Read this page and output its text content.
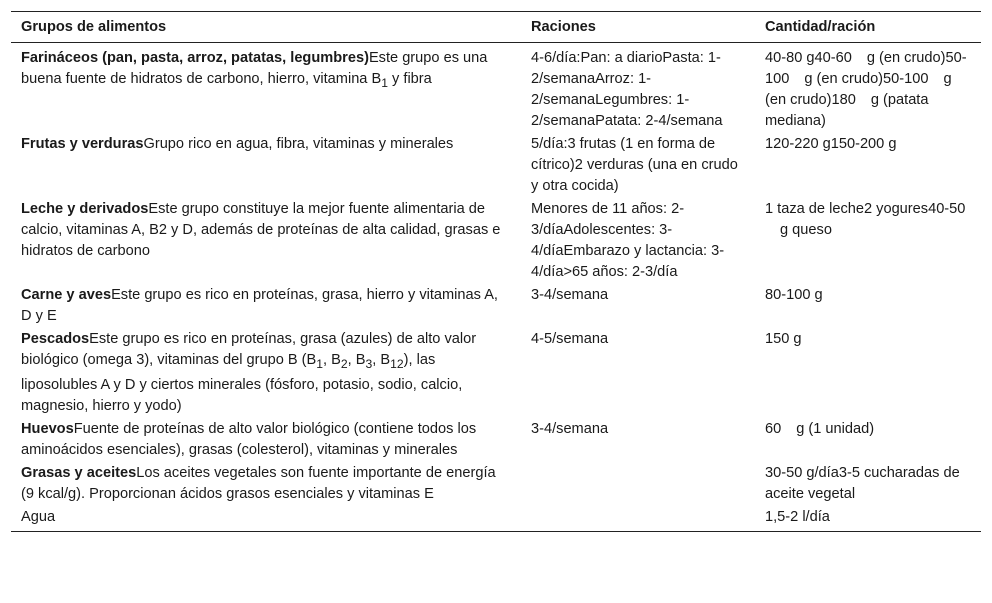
Grupos de alimentos	Raciones	Cantidad/ración
Farináceos (pan, pasta, arroz, patatas, legumbres)Este grupo es una buena fuente de hidratos de carbono, hierro, vitamina $B_1$ y fibra	4-6/día:Pan: a diarioPasta: 1-2/semanaArroz: 1-2/semanaLegumbres: 1-2/semanaPatata: 2-4/semana	40-80 g40-60 g (en crudo)50-100 g (en crudo)50-100 g (en crudo)180 g (patata mediana)
Frutas y verdurasGrupo rico en agua, fibra, vitaminas y minerales	5/día:3 frutas (1 en forma de cítrico)2 verduras (una en crudo y otra cocida)	120-220 g150-200 g
Leche y derivadosEste grupo constituye la mejor fuente alimentaria de calcio, vitaminas A, B2 y D, además de proteínas de alta calidad, grasas e hidratos de carbono	Menores de 11 años: 2-3/díaAdolescentes: 3-4/díaEmbarazo y lactancia: 3-4/día>65 años: 2-3/día	1 taza de leche2 yogures40-50g queso
Carne y avesEste grupo es rico en proteínas, grasa, hierro y vitaminas A, D y E	3-4/semana	80-100 g
PescadosEste grupo es rico en proteínas, grasa (azules) de alto valor biológico (omega 3), vitaminas del grupo B ($B_1$, $B_2$, $B_3$, $B_{12}$), las liposolubles A y D y ciertos minerales (fósforo, potasio, sodio, calcio, magnesio, hierro y yodo)	4-5/semana	150 g
HuevosFuente de proteínas de alto valor biológico (contiene todos los aminoácidos esenciales), grasas (colesterol), vitaminas y minerales	3-4/semana	60 g (1 unidad)
Grasas y aceitesLos aceites vegetales son fuente importante de energía (9 kcal/g). Proporcionan ácidos grasos esenciales y vitaminas E		30-50 g/día3-5 cucharadas de aceite vegetal
Agua		1,5-2 l/día
